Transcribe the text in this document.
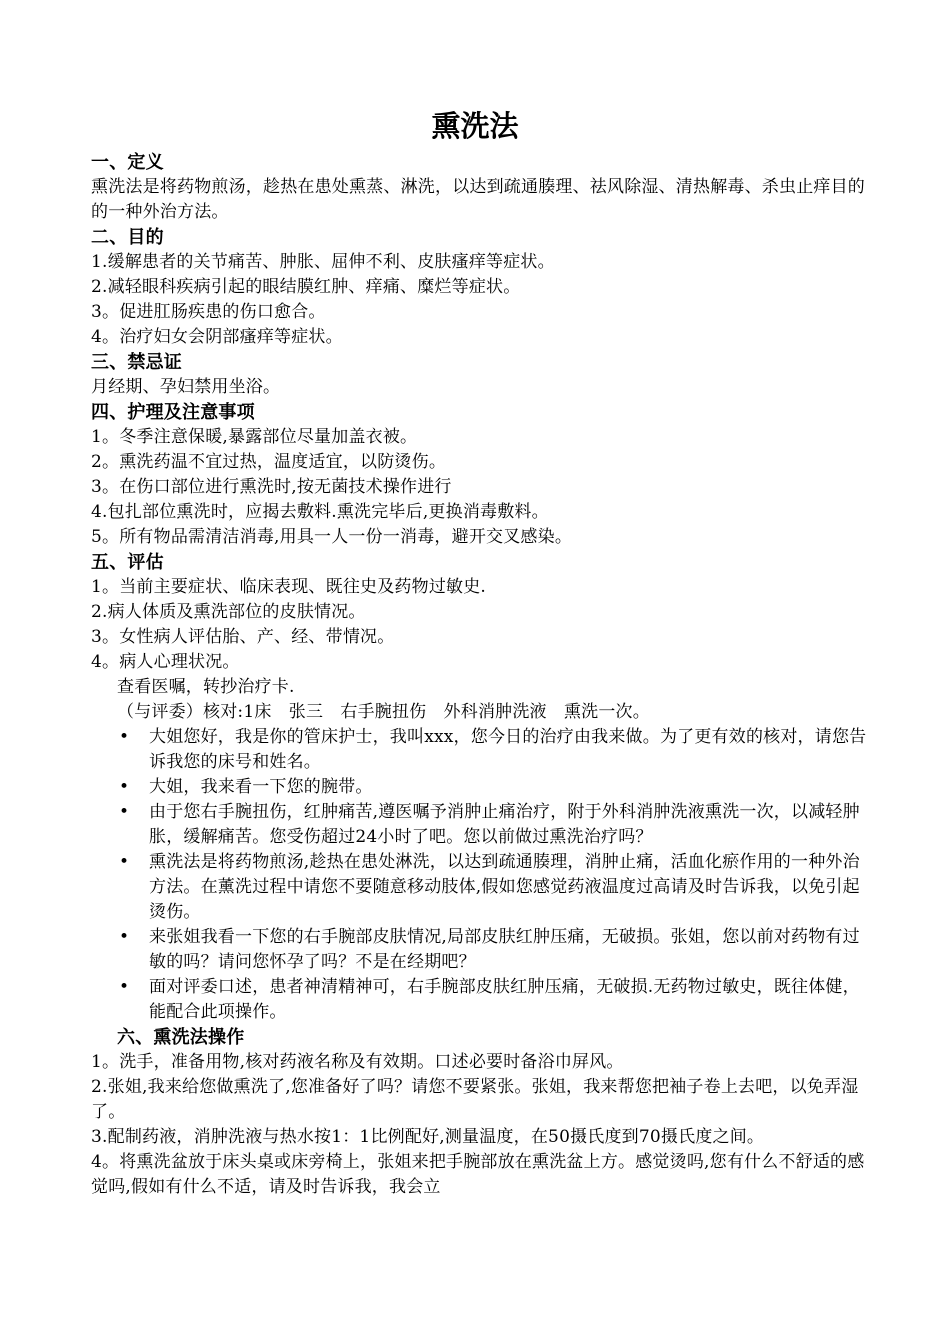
熏洗法

一、定义

熏洗法是将药物煎汤，趁热在患处熏蒸、淋洗，以达到疏通腠理、祛风除湿、清热解毒、杀虫止痒目的的一种外治方法。

二、目的

1.缓解患者的关节痛苦、肿胀、屈伸不利、皮肤瘙痒等症状。

2.减轻眼科疾病引起的眼结膜红肿、痒痛、糜烂等症状。

3。促进肛肠疾患的伤口愈合。

4。治疗妇女会阴部瘙痒等症状。

三、禁忌证

月经期、孕妇禁用坐浴。

四、护理及注意事项

1。冬季注意保暖,暴露部位尽量加盖衣被。

2。熏洗药温不宜过热，温度适宜，以防烫伤。

3。在伤口部位进行熏洗时,按无菌技术操作进行

4.包扎部位熏洗时，应揭去敷料.熏洗完毕后,更换消毒敷料。

5。所有物品需清洁消毒,用具一人一份一消毒，避开交叉感染。

五、评估

1。当前主要症状、临床表现、既往史及药物过敏史.

2.病人体质及熏洗部位的皮肤情况。

3。女性病人评估胎、产、经、带情况。

4。病人心理状况。

查看医嘱，转抄治疗卡.

（与评委）核对:1床　张三　右手腕扭伤　外科消肿洗液　熏洗一次。

• 大姐您好，我是你的管床护士，我叫xxx，您今日的治疗由我来做。为了更有效的核对，请您告诉我您的床号和姓名。
• 大姐，我来看一下您的腕带。
• 由于您右手腕扭伤，红肿痛苦,遵医嘱予消肿止痛治疗，附于外科消肿洗液熏洗一次，以减轻肿胀，缓解痛苦。您受伤超过24小时了吧。您以前做过熏洗治疗吗？
• 熏洗法是将药物煎汤,趁热在患处淋洗，以达到疏通腠理，消肿止痛，活血化瘀作用的一种外治方法。在薰洗过程中请您不要随意移动肢体,假如您感觉药液温度过高请及时告诉我，以免引起烫伤。
• 来张姐我看一下您的右手腕部皮肤情况,局部皮肤红肿压痛，无破损。张姐，您以前对药物有过敏的吗？请问您怀孕了吗？不是在经期吧？
• 面对评委口述，患者神清精神可，右手腕部皮肤红肿压痛，无破损.无药物过敏史，既往体健，能配合此项操作。

六、熏洗法操作

1。洗手，准备用物,核对药液名称及有效期。口述必要时备浴巾屏风。

2.张姐,我来给您做熏洗了,您准备好了吗？请您不要紧张。张姐，我来帮您把袖子卷上去吧，以免弄湿了。

3.配制药液，消肿洗液与热水按1：1比例配好,测量温度，在50摄氏度到70摄氏度之间。

4。将熏洗盆放于床头桌或床旁椅上，张姐来把手腕部放在熏洗盆上方。感觉烫吗,您有什么不舒适的感觉吗,假如有什么不适，请及时告诉我，我会立
